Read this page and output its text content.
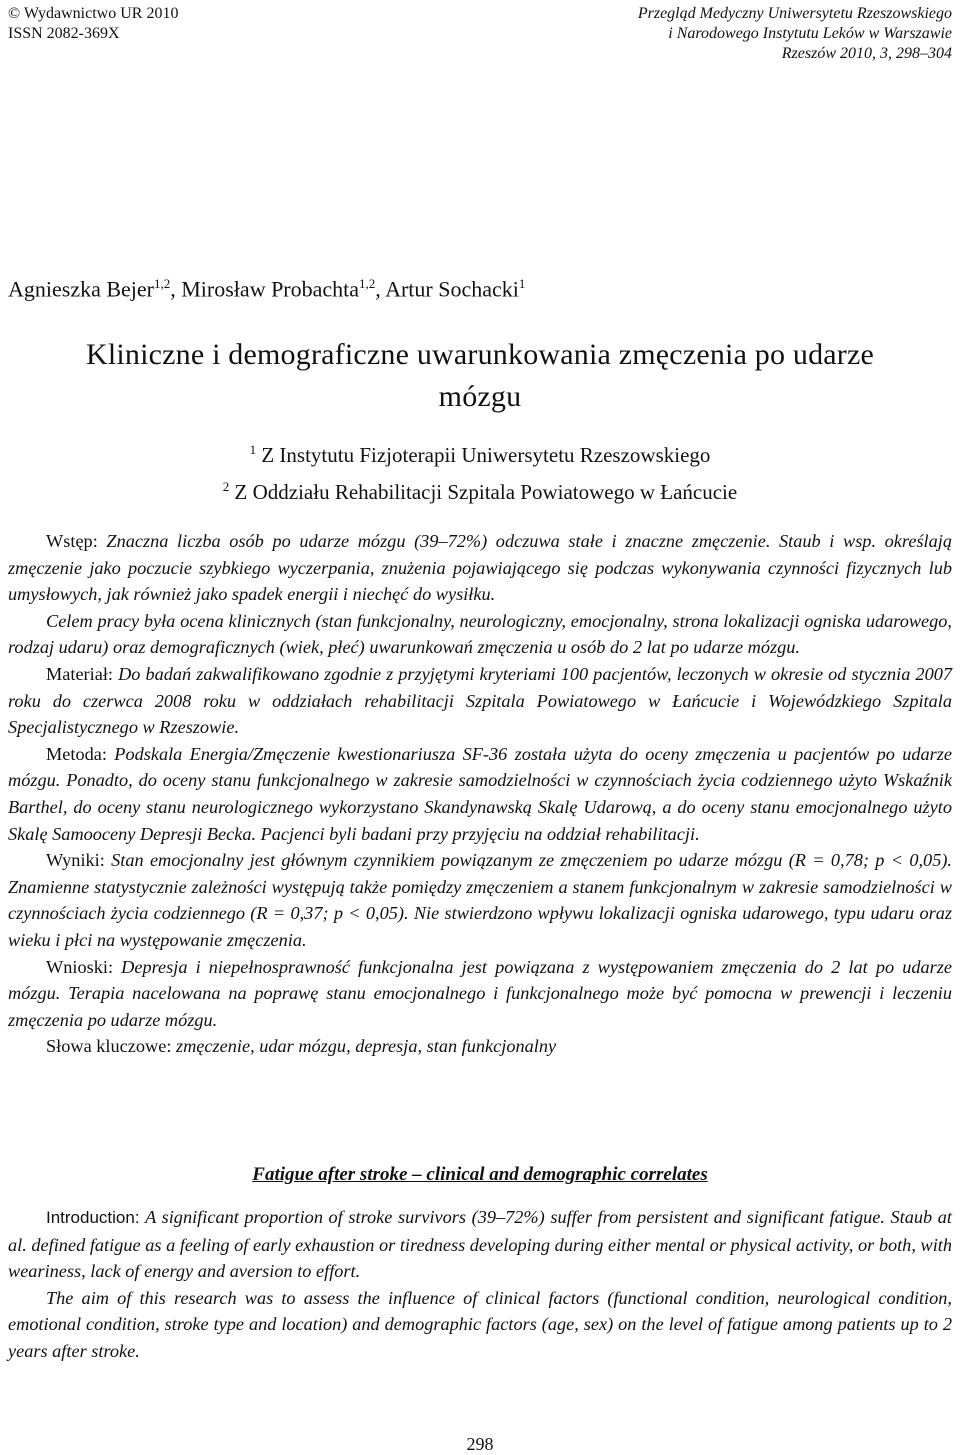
© Wydawnictwo UR 2010
ISSN 2082-369X
Przegląd Medyczny Uniwersytetu Rzeszowskiego
i Narodowego Instytutu Leków w Warszawie
Rzeszów 2010, 3, 298–304
Agnieszka Bejer$^{1,2}$, Mirosław Probachta$^{1,2}$, Artur Sochacki$^1$
Kliniczne i demograficzne uwarunkowania zmęczenia po udarze
mózgu
$^1$ Z Instytutu Fizjoterapii Uniwersytetu Rzeszowskiego
$^2$ Z Oddziału Rehabilitacji Szpitala Powiatowego w Łańcucie

Wstęp: Znaczna liczba osób po udarze mózgu (39–72%) odczuwa stałe i znaczne zmęczenie. Staub i wsp. określają zmęczenie jako poczucie szybkiego wyczerpania, znużenia pojawiającego się podczas wykonywania czynności fizycznych lub umysłowych, jak również jako spadek energii i niechęć do wysiłku.

Celem pracy była ocena klinicznych (stan funkcjonalny, neurologiczny, emocjonalny, strona lokalizacji ogniska udarowego, rodzaj udaru) oraz demograficznych (wiek, płeć) uwarunkowań zmęczenia u osób do 2 lat po udarze mózgu.

Materiał: Do badań zakwalifikowano zgodnie z przyjętymi kryteriami 100 pacjentów, leczonych w okresie od stycznia 2007 roku do czerwca 2008 roku w oddziałach rehabilitacji Szpitala Powiatowego w Łańcucie i Wojewódzkiego Szpitala Specjalistycznego w Rzeszowie.

Metoda: Podskala Energia/Zmęczenie kwestionariusza SF-36 została użyta do oceny zmęczenia u pacjentów po udarze mózgu. Ponadto, do oceny stanu funkcjonalnego w zakresie samodzielności w czynnościach życia codziennego użyto Wskaźnik Barthel, do oceny stanu neurologicznego wykorzystano Skandynawską Skalę Udarową, a do oceny stanu emocjonalnego użyto Skalę Samooceny Depresji Becka. Pacjenci byli badani przy przyjęciu na oddział rehabilitacji.

Wyniki: Stan emocjonalny jest głównym czynnikiem powiązanym ze zmęczeniem po udarze mózgu (R = 0,78; p < 0,05). Znamienne statystycznie zależności występują także pomiędzy zmęczeniem a stanem funkcjonalnym w zakresie samodzielności w czynnościach życia codziennego (R = 0,37; p < 0,05). Nie stwierdzono wpływu lokalizacji ogniska udarowego, typu udaru oraz wieku i płci na występowanie zmęczenia.

Wnioski: Depresja i niepełnosprawność funkcjonalna jest powiązana z występowaniem zmęczenia do 2 lat po udarze mózgu. Terapia nacelowana na poprawę stanu emocjonalnego i funkcjonalnego może być pomocna w prewencji i leczeniu zmęczenia po udarze mózgu.

Słowa kluczowe: zmęczenie, udar mózgu, depresja, stan funkcjonalny

Fatigue after stroke – clinical and demographic correlates

Introduction: A significant proportion of stroke survivors (39–72%) suffer from persistent and significant fatigue. Staub at al. defined fatigue as a feeling of early exhaustion or tiredness developing during either mental or physical activity, or both, with weariness, lack of energy and aversion to effort.

The aim of this research was to assess the influence of clinical factors (functional condition, neurological condition, emotional condition, stroke type and location) and demographic factors (age, sex) on the level of fatigue among patients up to 2 years after stroke.

298
